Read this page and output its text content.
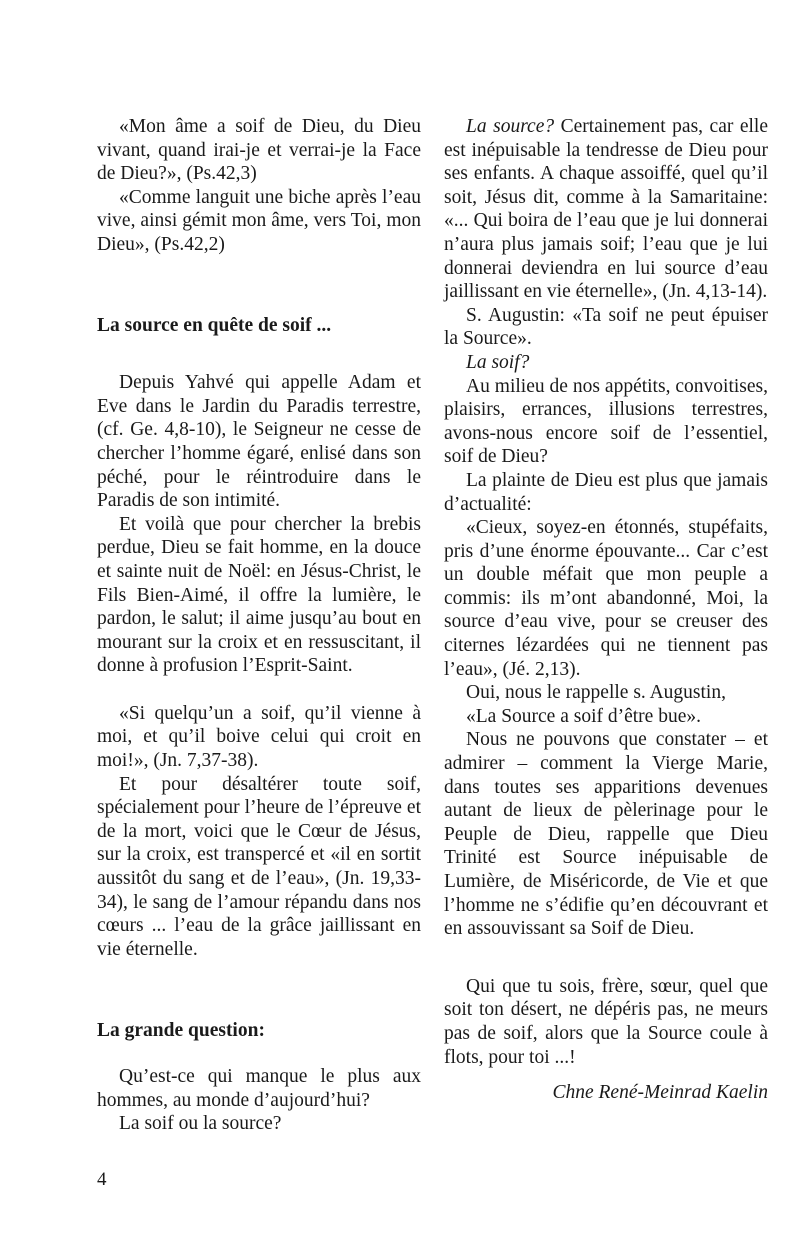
«Mon âme a soif de Dieu, du Dieu vivant, quand irai-je et verrai-je la Face de Dieu?», (Ps.42,3)

«Comme languit une biche après l’eau vive, ainsi gémit mon âme, vers Toi, mon Dieu», (Ps.42,2)

La source en quête de soif ...

Depuis Yahvé qui appelle Adam et Eve dans le Jardin du Paradis terrestre, (cf. Ge. 4,8-10), le Seigneur ne cesse de chercher l’homme égaré, enlisé dans son péché, pour le réintroduire dans le Paradis de son intimité.

Et voilà que pour chercher la brebis perdue, Dieu se fait homme, en la douce et sainte nuit de Noël: en Jésus-Christ, le Fils Bien-Aimé, il offre la lumière, le pardon, le salut; il aime jusqu’au bout en mourant sur la croix et en ressuscitant, il donne à profusion l’Esprit-Saint.

«Si quelqu’un a soif, qu’il vienne à moi, et qu’il boive celui qui croit en moi!», (Jn. 7,37-38).

Et pour désaltérer toute soif, spécialement pour l’heure de l’épreuve et de la mort, voici que le Cœur de Jésus, sur la croix, est transpercé et «il en sortit aussitôt du sang et de l’eau», (Jn. 19,33-34), le sang de l’amour répandu dans nos cœurs ... l’eau de la grâce jaillissant en vie éternelle.

La grande question:

Qu’est-ce qui manque le plus aux hommes, au monde d’aujourd’hui?

La soif ou la source?

La source? Certainement pas, car elle est inépuisable la tendresse de Dieu pour ses enfants. A chaque assoiffé, quel qu’il soit, Jésus dit, comme à la Samaritaine: «... Qui boira de l’eau que je lui donnerai n’aura plus jamais soif; l’eau que je lui donnerai deviendra en lui source d’eau jaillissant en vie éternelle», (Jn. 4,13-14).

S. Augustin: «Ta soif ne peut épuiser la Source».

La soif?

Au milieu de nos appétits, convoitises, plaisirs, errances, illusions terrestres, avons-nous encore soif de l’essentiel, soif de Dieu?

La plainte de Dieu est plus que jamais d’actualité:

«Cieux, soyez-en étonnés, stupéfaits, pris d’une énorme épouvante... Car c’est un double méfait que mon peuple a commis: ils m’ont abandonné, Moi, la source d’eau vive, pour se creuser des citernes lézardées qui ne tiennent pas l’eau», (Jé. 2,13).

Oui, nous le rappelle s. Augustin,

«La Source a soif d’être bue».

Nous ne pouvons que constater – et admirer – comment la Vierge Marie, dans toutes ses apparitions devenues autant de lieux de pèlerinage pour le Peuple de Dieu, rappelle que Dieu Trinité est Source inépuisable de Lumière, de Miséricorde, de Vie et que l’homme ne s’édifie qu’en découvrant et en assouvissant sa Soif de Dieu.

Qui que tu sois, frère, sœur, quel que soit ton désert, ne dépéris pas, ne meurs pas de soif, alors que la Source coule à flots, pour toi ...!

Chne René-Meinrad Kaelin

4
